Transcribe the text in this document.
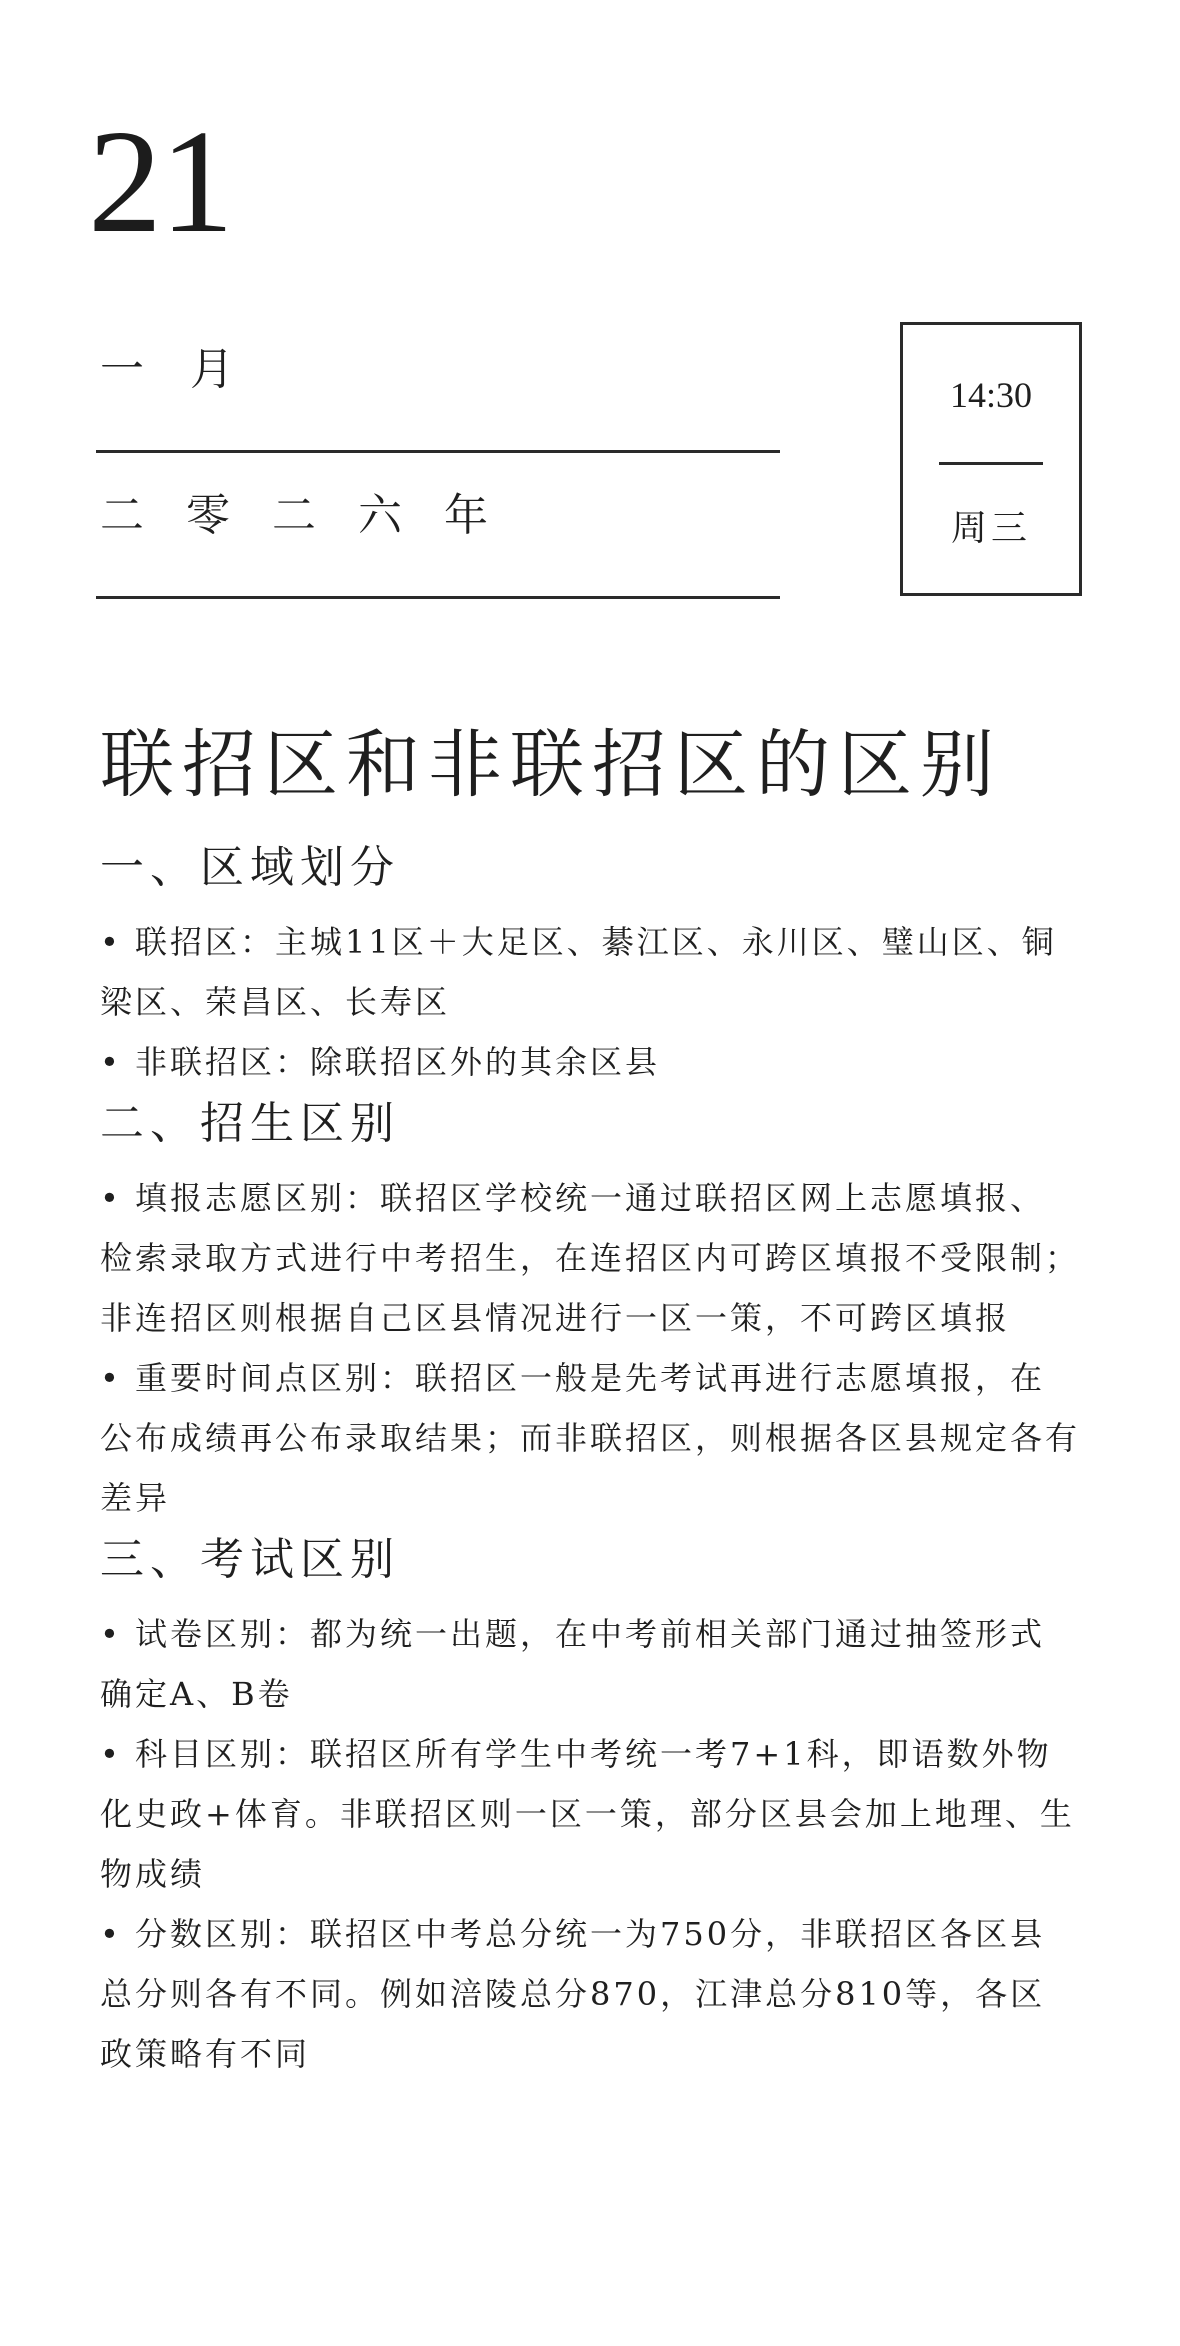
21
一月
二零二六年
14:30
周三
联招区和非联招区的区别
一、区域划分

• 联招区：主城11区＋大足区、綦江区、永川区、璧山区、铜梁区、荣昌区、长寿区

• 非联招区：除联招区外的其余区县

二、招生区别

• 填报志愿区别：联招区学校统一通过联招区网上志愿填报、检索录取方式进行中考招生，在连招区内可跨区填报不受限制；非连招区则根据自己区县情况进行一区一策，不可跨区填报

• 重要时间点区别：联招区一般是先考试再进行志愿填报，在公布成绩再公布录取结果；而非联招区，则根据各区县规定各有差异

三、考试区别

• 试卷区别：都为统一出题，在中考前相关部门通过抽签形式确定A、B卷

• 科目区别：联招区所有学生中考统一考7+1科，即语数外物化史政+体育。非联招区则一区一策，部分区县会加上地理、生物成绩

• 分数区别：联招区中考总分统一为750分，非联招区各区县总分则各有不同。例如涪陵总分870，江津总分810等，各区政策略有不同
